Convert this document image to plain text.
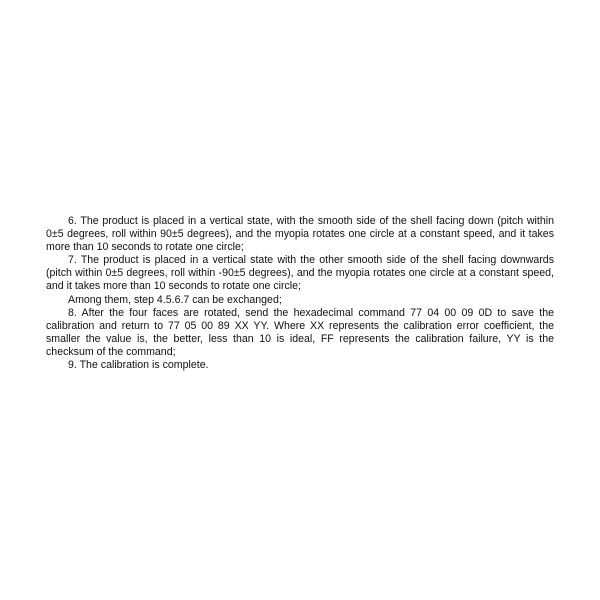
6. The product is placed in a vertical state, with the smooth side of the shell facing down (pitch within 0±5 degrees, roll within 90±5 degrees), and the myopia rotates one circle at a constant speed, and it takes more than 10 seconds to rotate one circle;

7. The product is placed in a vertical state with the other smooth side of the shell facing downwards (pitch within 0±5 degrees, roll within -90±5 degrees), and the myopia rotates one circle at a constant speed, and it takes more than 10 seconds to rotate one circle;

Among them, step 4.5.6.7 can be exchanged;

8. After the four faces are rotated, send the hexadecimal command 77 04 00 09 0D to save the calibration and return to 77 05 00 89 XX YY. Where XX represents the calibration error coefficient, the smaller the value is, the better, less than 10 is ideal, FF represents the calibration failure, YY is the checksum of the command;

9. The calibration is complete.
